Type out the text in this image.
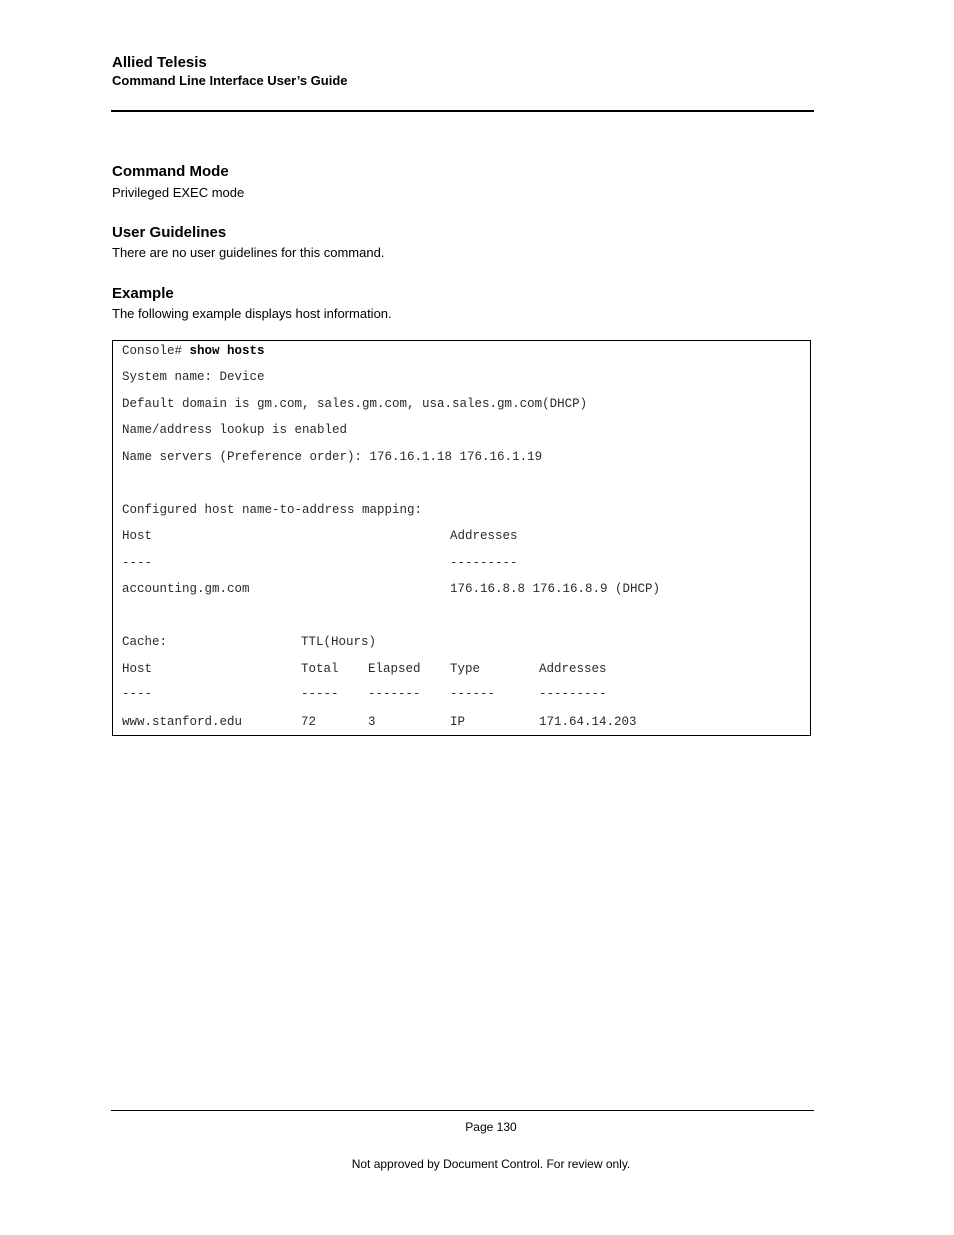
Allied Telesis
Command Line Interface User’s Guide
Command Mode
Privileged EXEC mode
User Guidelines
There are no user guidelines for this command.
Example
The following example displays host information.
Console# show hosts
System name: Device
Default domain is gm.com, sales.gm.com, usa.sales.gm.com(DHCP)
Name/address lookup is enabled
Name servers (Preference order): 176.16.1.18 176.16.1.19
Configured host name-to-address mapping:
Host	Addresses
----	---------
accounting.gm.com	176.16.8.8 176.16.8.9 (DHCP)
Cache:	TTL(Hours)
Host	Total Elapsed Type	Addresses
----	----- ------- ------	---------
www.stanford.edu	72	3	IP	171.64.14.203
Page 130
Not approved by Document Control. For review only.
